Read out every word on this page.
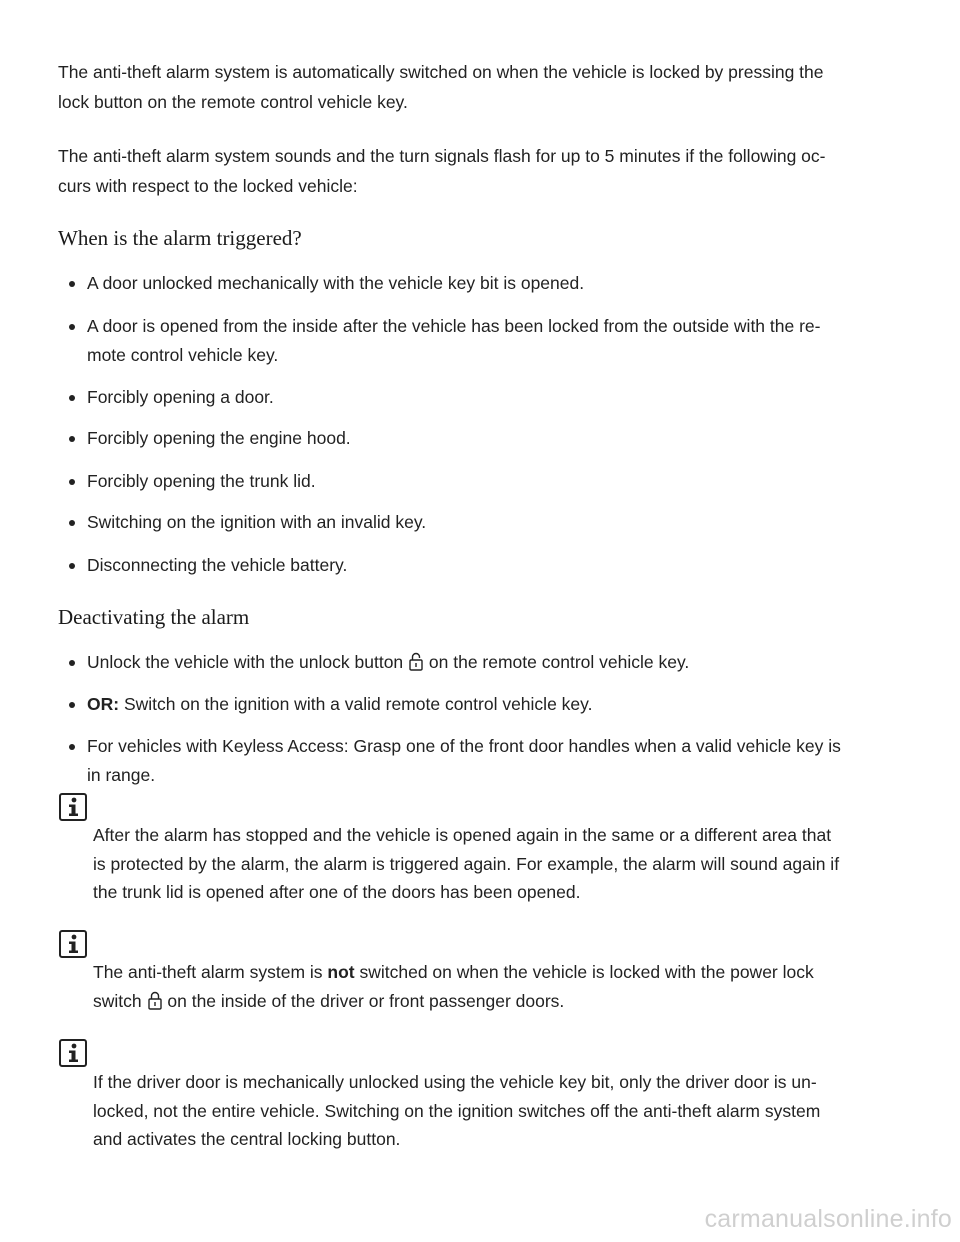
The anti-theft alarm system is automatically switched on when the vehicle is locked by pressing the
lock button on the remote control vehicle key.

The anti-theft alarm system sounds and the turn signals flash for up to 5 minutes if the following oc-
curs with respect to the locked vehicle:

When is the alarm triggered?
A door unlocked mechanically with the vehicle key bit is opened.
A door is opened from the inside after the vehicle has been locked from the outside with the re-
mote control vehicle key.
Forcibly opening a door.
Forcibly opening the engine hood.
Forcibly opening the trunk lid.
Switching on the ignition with an invalid key.
Disconnecting the vehicle battery.
Deactivating the alarm
Unlock the vehicle with the unlock button on the remote control vehicle key.
OR: Switch on the ignition with a valid remote control vehicle key.
For vehicles with Keyless Access: Grasp one of the front door handles when a valid vehicle key is
in range.
After the alarm has stopped and the vehicle is opened again in the same or a different area that
is protected by the alarm, the alarm is triggered again. For example, the alarm will sound again if
the trunk lid is opened after one of the doors has been opened.
The anti-theft alarm system is not switched on when the vehicle is locked with the power lock
switch on the inside of the driver or front passenger doors.
If the driver door is mechanically unlocked using the vehicle key bit, only the driver door is un-
locked, not the entire vehicle. Switching on the ignition switches off the anti-theft alarm system
and activates the central locking button.
carmanualsonline.info
